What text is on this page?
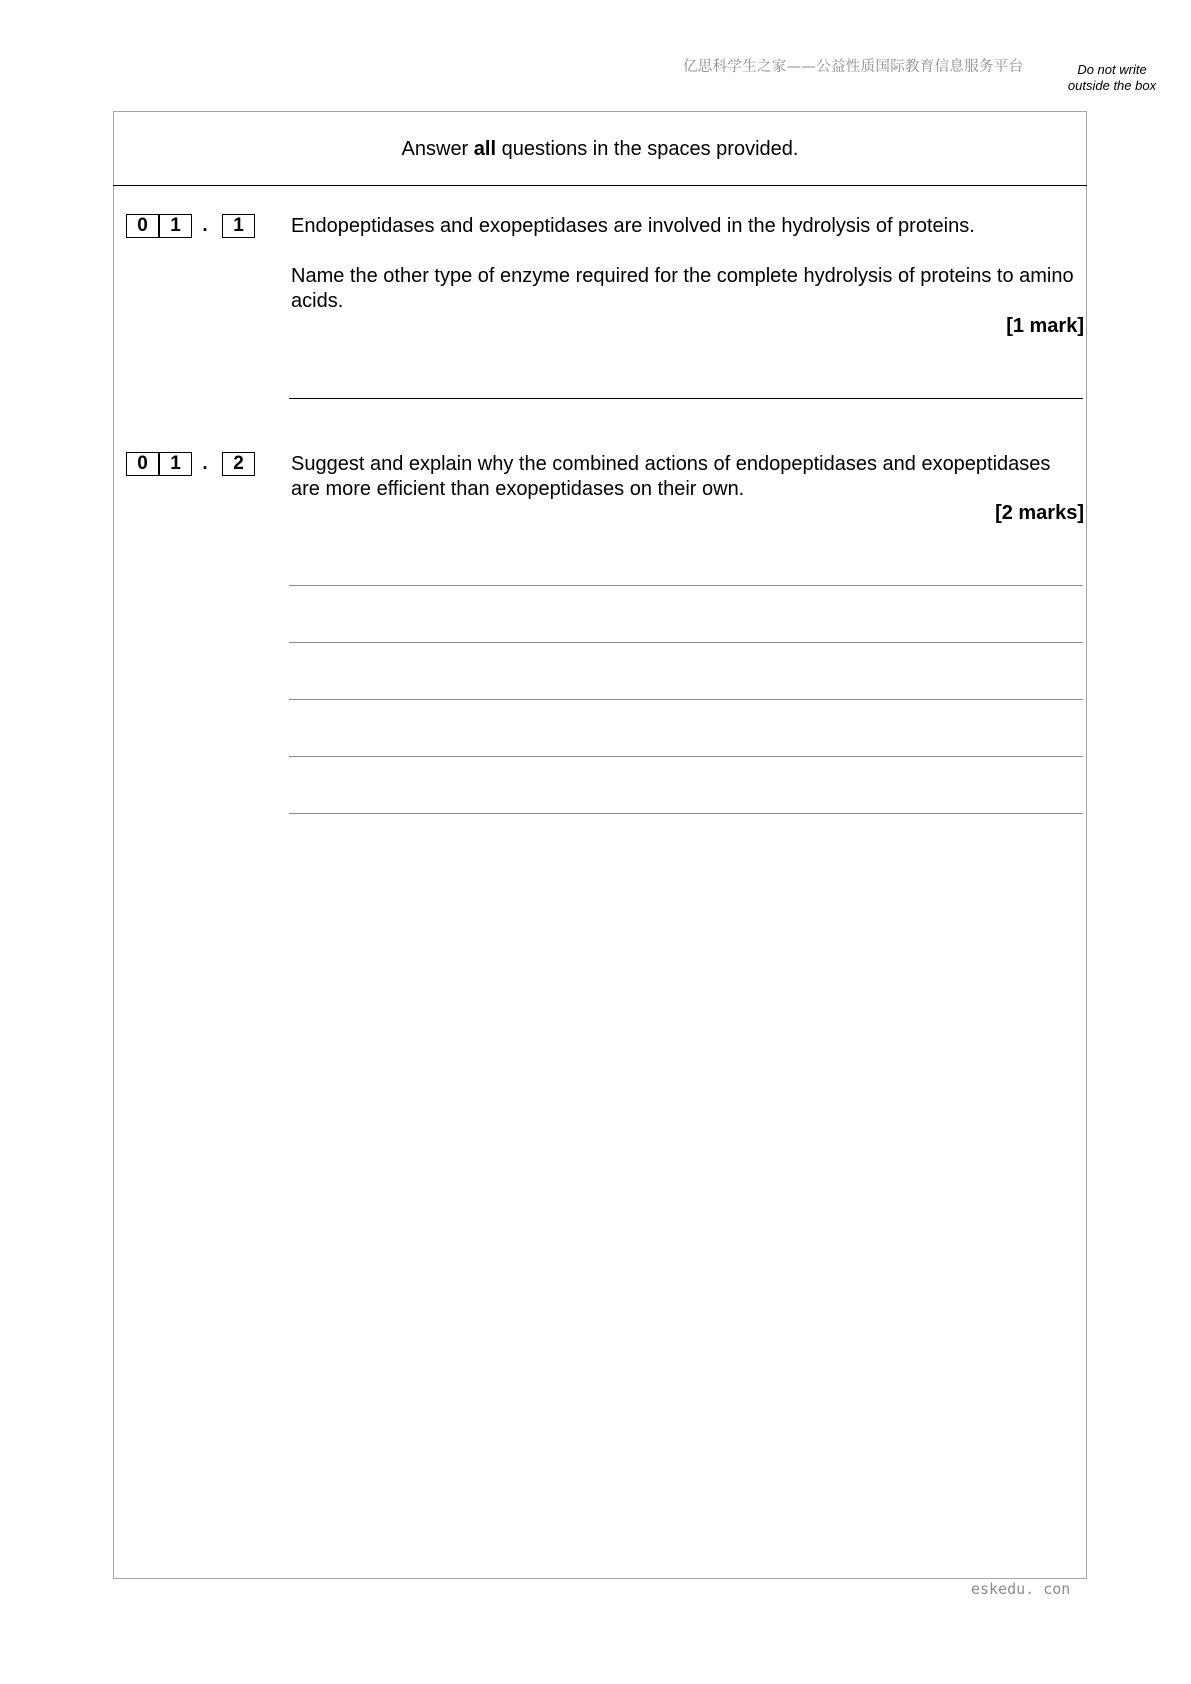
亿思科学生之家——公益性质国际教育信息服务平台	Do not write outside the box
Answer all questions in the spaces provided.
0	1	.	1	Endopeptidases and exopeptidases are involved in the hydrolysis of proteins.
Name the other type of enzyme required for the complete hydrolysis of proteins to amino acids.
[1 mark]
0	1	.	2	Suggest and explain why the combined actions of endopeptidases and exopeptidases are more efficient than exopeptidases on their own.
[2 marks]
eskedu. con
